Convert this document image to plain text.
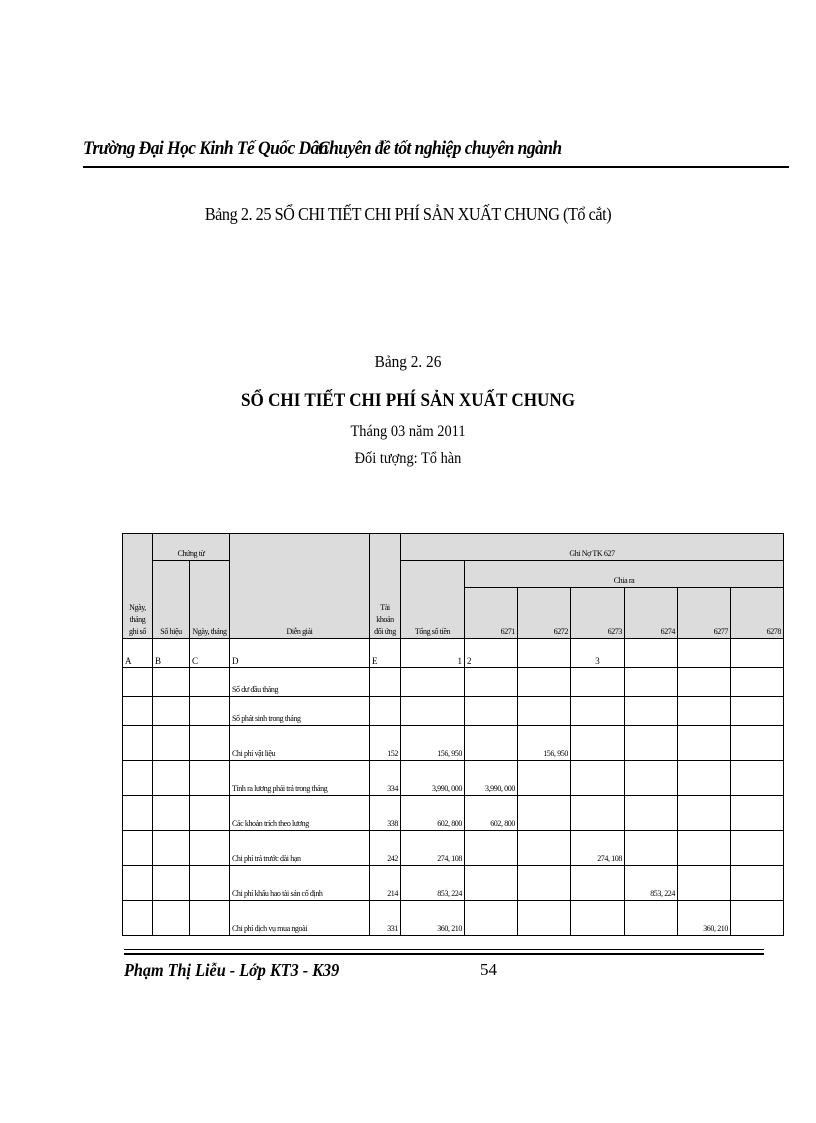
Trường Đại Học Kinh Tế Quốc Dân
Chuyên đề tốt nghiệp chuyên ngành
Bảng 2. 25 SỔ CHI TIẾT CHI PHÍ SẢN XUẤT CHUNG (Tổ cắt)
Bảng 2. 26
SỔ CHI TIẾT CHI PHÍ SẢN XUẤT CHUNG
Tháng 03 năm 2011
Đối tượng: Tổ hàn
Ngày, tháng ghi sổ	Chứng từ		Diễn giải	Tài khoản đối ứng	Ghi Nợ TK 627						
	Số hiệu	Ngày, tháng			Tổng số tiền	Chia ra					
						6271	6272	6273	6274	6277	6278
A	B	C	D	E	1	2		3			
			Số dư đầu tháng								
			Số phát sinh trong tháng								
			Chi phí vật liệu	152	156, 950		156, 950				
			Tính ra lương phải trả trong tháng	334	3,990, 000	3,990, 000					
			Các khoản trích theo lương	338	602, 800	602, 800					
			Chi phí trả trước dài hạn	242	274, 108			274, 108			
			Chi phí khấu hao tài sản cố định	214	853, 224				853, 224		
			Chi phí dịch vụ mua ngoài	331	360, 210					360, 210	
Phạm Thị Liễu - Lớp KT3 - K39	54
